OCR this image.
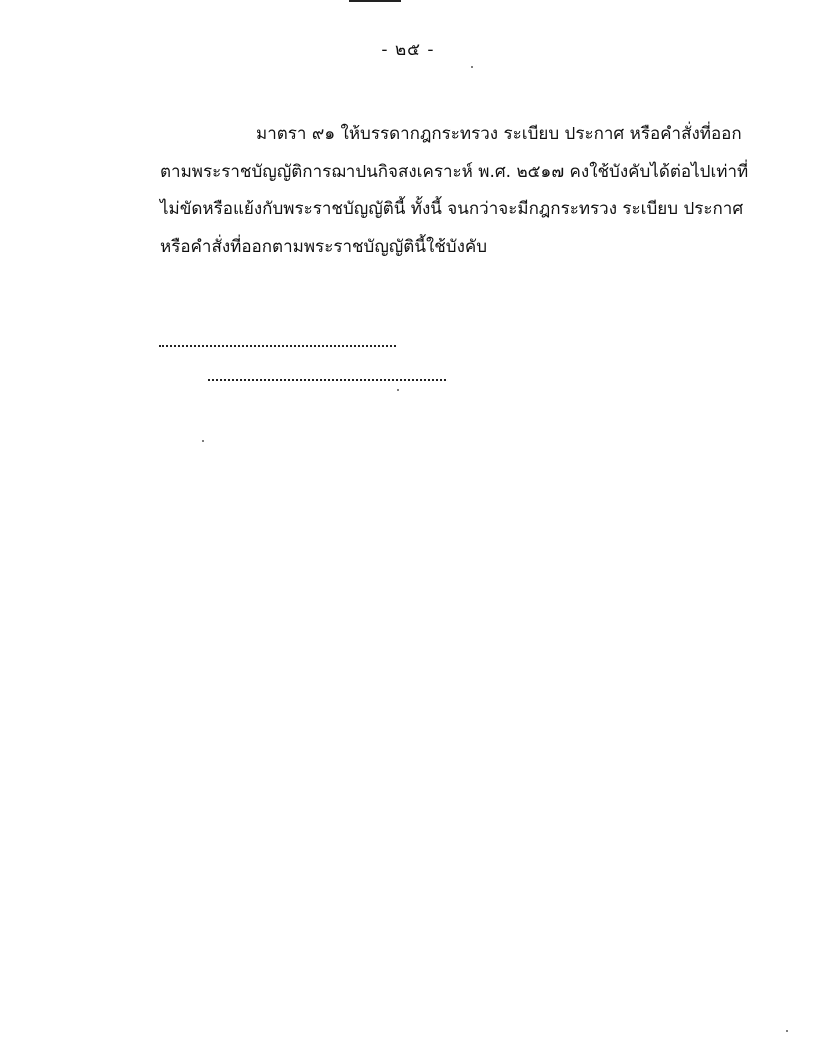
- ๒๕ -
มาตรา ๙๑ ให้บรรดากฎกระทรวง ระเบียบ ประกาศ หรือคำสั่งที่ออก
ตามพระราชบัญญัติการฌาปนกิจสงเคราะห์ พ.ศ. ๒๕๑๗ คงใช้บังคับได้ต่อไปเท่าที่
ไม่ขัดหรือแย้งกับพระราชบัญญัตินี้ ทั้งนี้ จนกว่าจะมีกฎกระทรวง ระเบียบ ประกาศ
หรือคำสั่งที่ออกตามพระราชบัญญัตินี้ใช้บังคับ
